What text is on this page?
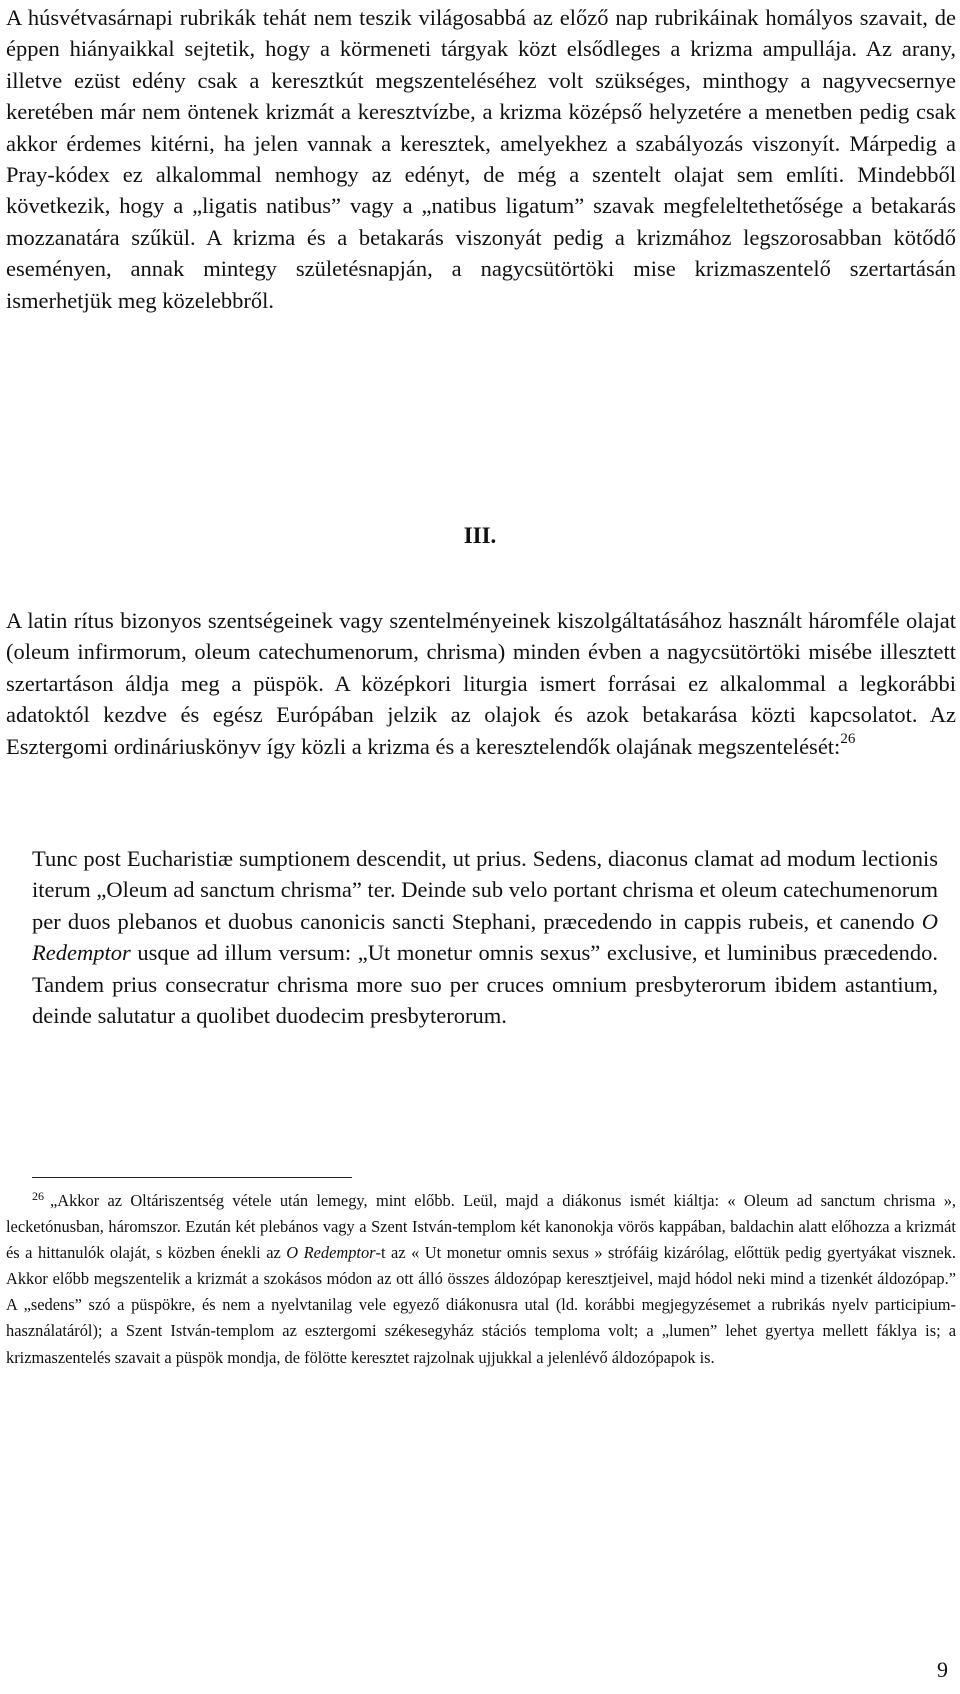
A húsvétvasárnapi rubrikák tehát nem teszik világosabbá az előző nap rubrikáinak homályos szavait, de éppen hiányaikkal sejtetik, hogy a körmeneti tárgyak közt elsődleges a krizma ampullája. Az arany, illetve ezüst edény csak a keresztkút megszenteléséhez volt szükséges, minthogy a nagyvecsernye keretében már nem öntenek krizmát a keresztvízbe, a krizma középső helyzetére a menetben pedig csak akkor érdemes kitérni, ha jelen vannak a keresztek, amelyekhez a szabályozás viszonyít. Márpedig a Pray-kódex ez alkalommal nemhogy az edényt, de még a szentelt olajat sem említi. Mindebből következik, hogy a „ligatis natibus” vagy a „natibus ligatum” szavak megfeleltethetősége a betakarás mozzanatára szűkül. A krizma és a betakarás viszonyát pedig a krizmához legszorosabban kötődő eseményen, annak mintegy születésnapján, a nagycsütörtöki mise krizmaszentelő szertartásán ismerhetjük meg közelebbről.

III.

A latin rítus bizonyos szentségeinek vagy szentelményeinek kiszolgáltatásához használt háromféle olajat (oleum infirmorum, oleum catechumenorum, chrisma) minden évben a nagycsütörtöki misébe illesztett szertartáson áldja meg a püspök. A középkori liturgia ismert forrásai ez alkalommal a legkorábbi adatoktól kezdve és egész Európában jelzik az olajok és azok betakarása közti kapcsolatot. Az Esztergomi ordináriuskönyv így közli a krizma és a keresztelendők olajának megszentelését:$^{26}$

Tunc post Eucharistiæ sumptionem descendit, ut prius. Sedens, diaconus clamat ad modum lectionis iterum „Oleum ad sanctum chrisma” ter. Deinde sub velo portant chrisma et oleum catechumenorum per duos plebanos et duobus canonicis sancti Stephani, præcedendo in cappis rubeis, et canendo O Redemptor usque ad illum versum: „Ut monetur omnis sexus” exclusive, et luminibus præcedendo. Tandem prius consecratur chrisma more suo per cruces omnium presbyterorum ibidem astantium, deinde salutatur a quolibet duodecim presbyterorum.

$^{26}$ „Akkor az Oltáriszentség vétele után lemegy, mint előbb. Leül, majd a diákonus ismét kiáltja: « Oleum ad sanctum chrisma », lecketónusban, háromszor. Ezután két plebános vagy a Szent István-templom két kanonokja vörös kappában, baldachin alatt előhozza a krizmát és a hittanulók olaját, s közben énekli az O Redemptor-t az « Ut monetur omnis sexus » strófáig kizárólag, előttük pedig gyertyákat visznek. Akkor előbb megszentelik a krizmát a szokásos módon az ott álló összes áldozópap keresztjeivel, majd hódol neki mind a tizenkét áldozópap.” A „sedens” szó a püspökre, és nem a nyelvtanilag vele egyező diákonusra utal (ld. korábbi megjegyzésemet a rubrikás nyelv participium-használatáról); a Szent István-templom az esztergomi székesegyház stációs temploma volt; a „lumen” lehet gyertya mellett fáklya is; a krizmaszentelés szavait a püspök mondja, de fölötte keresztet rajzolnak ujjukkal a jelenlévő áldozópapok is.

9
